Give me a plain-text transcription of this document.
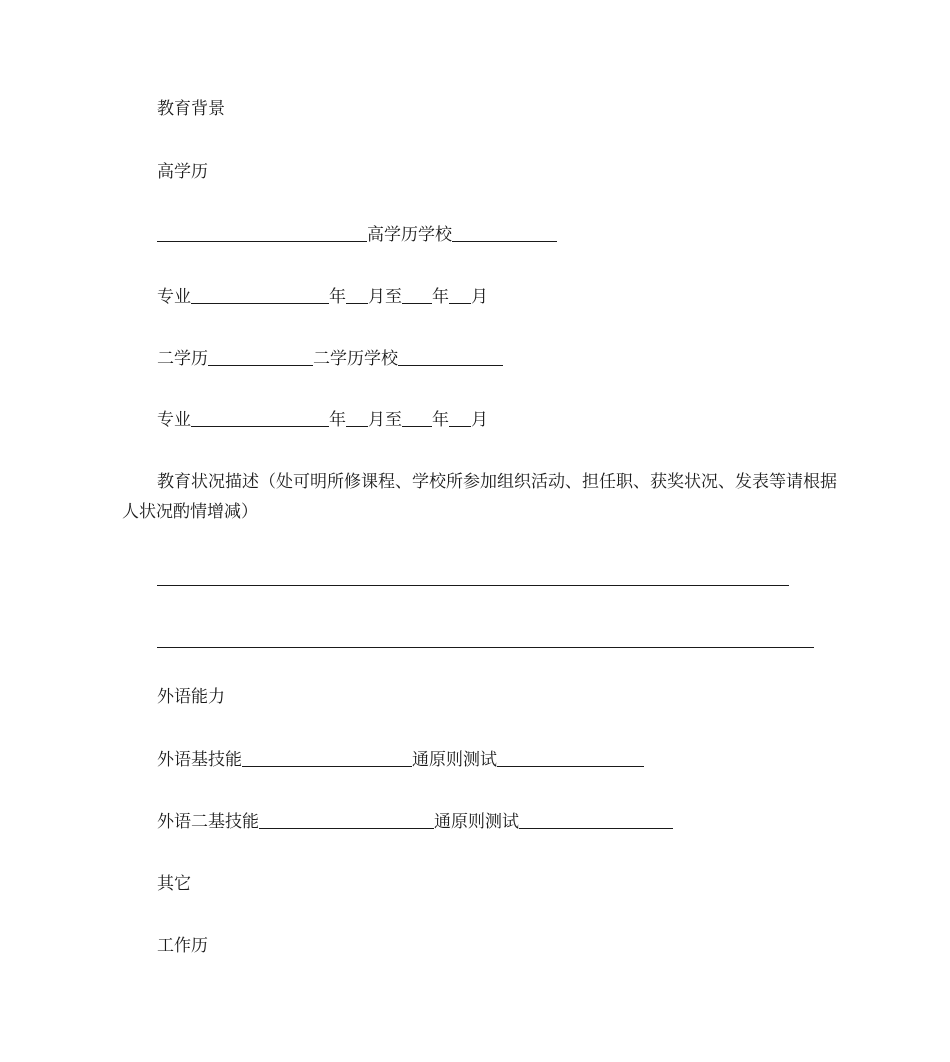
教育背景
高学历
高学历学校
专业	年 月至 年 月
二学历	二学历学校
专业	年 月至 年 月
教育状况描述（处可明所修课程、学校所参加组织活动、担任职、获奖状况、发表等请根据人状况酌情增减）
外语能力
外语基技能	通原则测试
外语二基技能	通原则测试
其它
工作历
